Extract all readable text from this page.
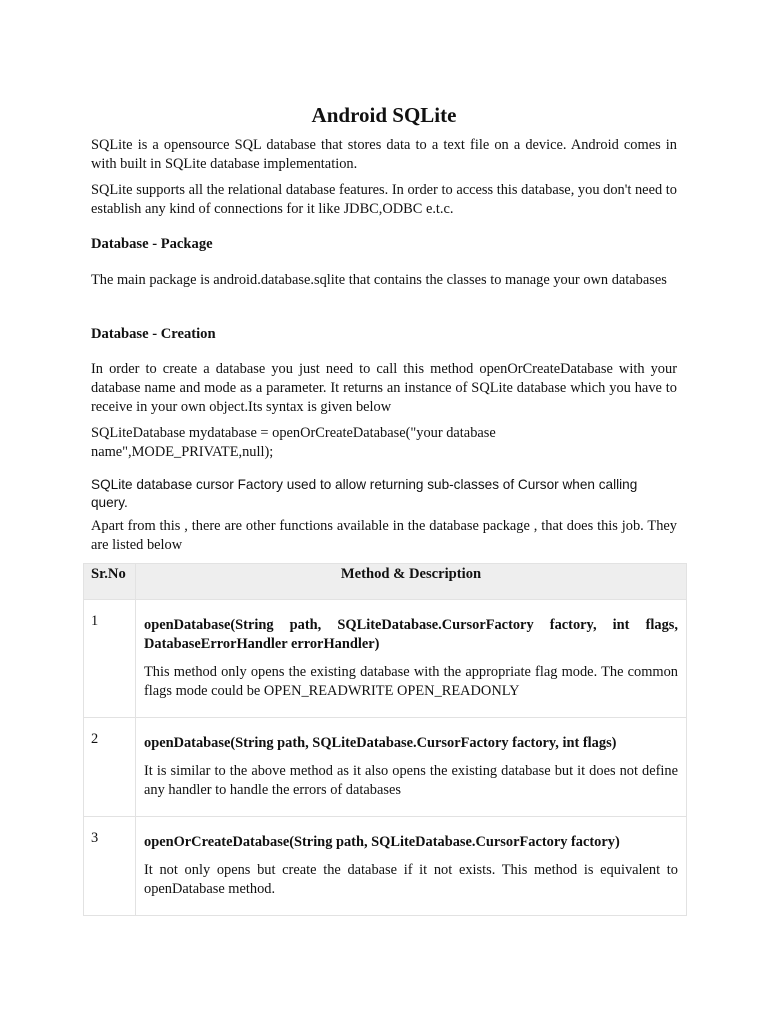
Android SQLite

SQLite is a opensource SQL database that stores data to a text file on a device. Android comes in with built in SQLite database implementation.

SQLite supports all the relational database features. In order to access this database, you don't need to establish any kind of connections for it like JDBC,ODBC e.t.c.

Database - Package

The main package is android.database.sqlite that contains the classes to manage your own databases

Database - Creation

In order to create a database you just need to call this method openOrCreateDatabase with your database name and mode as a parameter. It returns an instance of SQLite database which you have to receive in your own object.Its syntax is given below

SQLiteDatabase mydatabase = openOrCreateDatabase("your database name",MODE_PRIVATE,null);

SQLite database cursor Factory used to allow returning sub-classes of Cursor when calling query.

Apart from this , there are other functions available in the database package , that does this job. They are listed below

Sr.No	Method & Description
1	openDatabase(String path, SQLiteDatabase.CursorFactory factory, int flags, DatabaseErrorHandler errorHandler)
This method only opens the existing database with the appropriate flag mode. The common flags mode could be OPEN_READWRITE OPEN_READONLY

2	openDatabase(String path, SQLiteDatabase.CursorFactory factory, int flags)
It is similar to the above method as it also opens the existing database but it does not define any handler to handle the errors of databases

3	openOrCreateDatabase(String path, SQLiteDatabase.CursorFactory factory)
It not only opens but create the database if it not exists. This method is equivalent to openDatabase method.
